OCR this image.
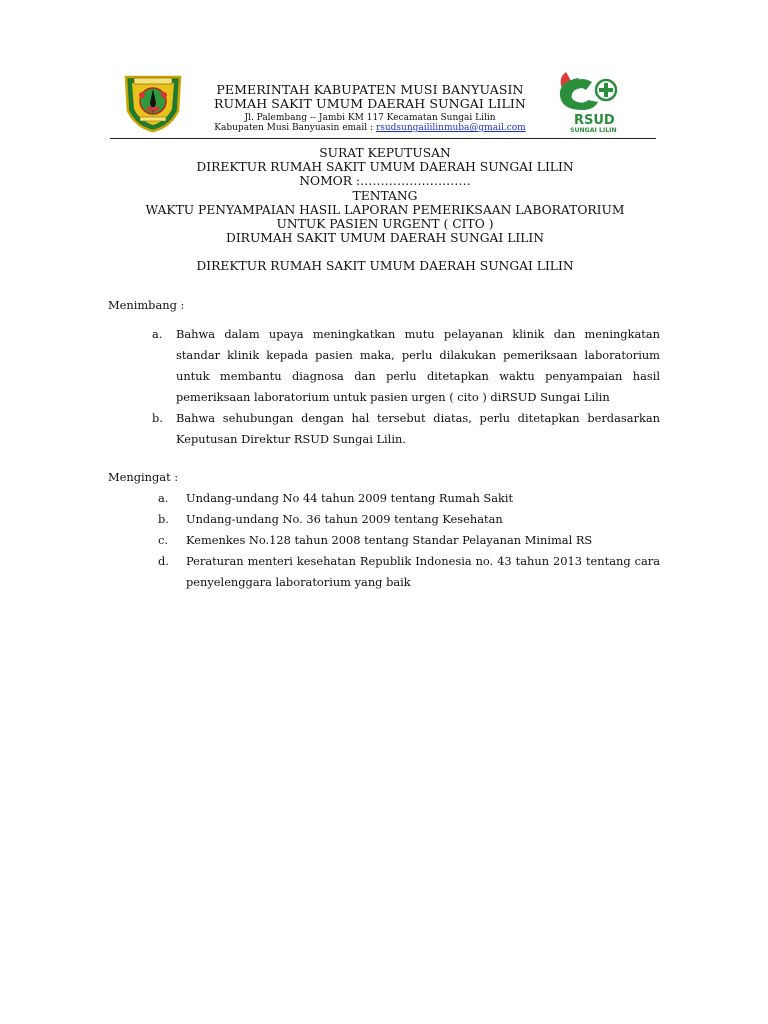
RSUD
SUNGAI LILIN
PEMERINTAH KABUPATEN MUSI BANYUASIN
RUMAH SAKIT UMUM DAERAH SUNGAI LILIN
Jl. Palembang -- Jambi KM 117 Kecamatan Sungai Lilin
Kabupaten Musi Banyuasin email : rsudsungaililinmuba@gmail.com
SURAT KEPUTUSAN
DIREKTUR RUMAH SAKIT UMUM DAERAH SUNGAI LILIN
NOMOR :………………………
TENTANG
WAKTU PENYAMPAIAN HASIL LAPORAN PEMERIKSAAN LABORATORIUM
UNTUK PASIEN URGENT ( CITO )
DIRUMAH SAKIT UMUM DAERAH SUNGAI LILIN
DIREKTUR RUMAH SAKIT UMUM DAERAH SUNGAI LILIN
Menimbang :
a.	Bahwa dalam upaya meningkatkan mutu pelayanan klinik dan meningkatan standar klinik kepada pasien maka, perlu dilakukan pemeriksaan laboratorium untuk membantu diagnosa dan perlu ditetapkan waktu penyampaian hasil pemeriksaan laboratorium untuk pasien urgen ( cito ) diRSUD Sungai Lilin
b.	Bahwa sehubungan dengan hal tersebut diatas, perlu ditetapkan berdasarkan Keputusan Direktur RSUD Sungai Lilin.
Mengingat :
a.	Undang-undang No 44 tahun 2009 tentang Rumah Sakit
b.	Undang-undang No. 36 tahun 2009 tentang Kesehatan
c.	Kemenkes No.128 tahun 2008 tentang Standar Pelayanan Minimal RS
d.	Peraturan menteri kesehatan Republik Indonesia no. 43 tahun 2013 tentang cara penyelenggara laboratorium yang baik
